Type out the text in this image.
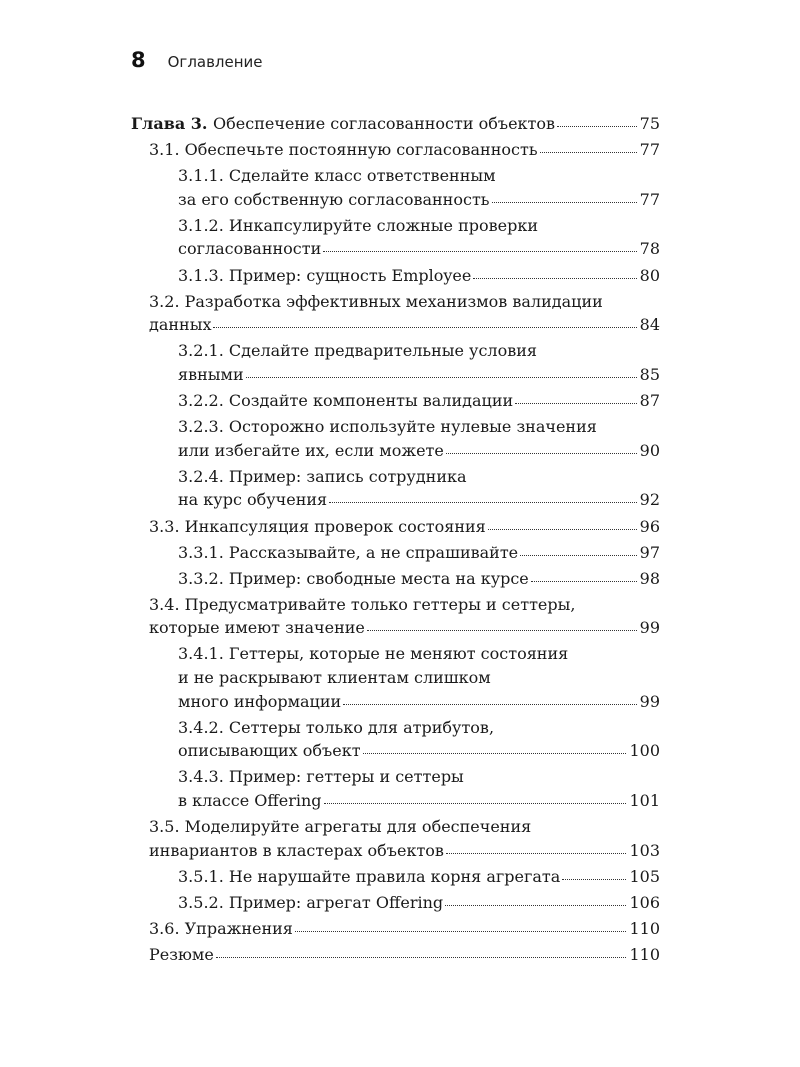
8 Оглавление
Глава 3. Обеспечение согласованности объектов	75
3.1. Обеспечьте постоянную согласованность	77
3.1.1. Сделайте класс ответственным
за его собственную согласованность	77
3.1.2. Инкапсулируйте сложные проверки
согласованности	78
3.1.3. Пример: сущность Employee	80
3.2. Разработка эффективных механизмов валидации
данных	84
3.2.1. Сделайте предварительные условия
явными	85
3.2.2. Создайте компоненты валидации	87
3.2.3. Осторожно используйте нулевые значения
или избегайте их, если можете	90
3.2.4. Пример: запись сотрудника
на курс обучения	92
3.3. Инкапсуляция проверок состояния	96
3.3.1. Рассказывайте, а не спрашивайте	97
3.3.2. Пример: свободные места на курсе	98
3.4. Предусматривайте только геттеры и сеттеры,
которые имеют значение	99
3.4.1. Геттеры, которые не меняют состояния
и не раскрывают клиентам слишком
много информации	99
3.4.2. Сеттеры только для атрибутов,
описывающих объект	100
3.4.3. Пример: геттеры и сеттеры
в классе Offering	101
3.5. Моделируйте агрегаты для обеспечения
инвариантов в кластерах объектов	103
3.5.1. Не нарушайте правила корня агрегата	105
3.5.2. Пример: агрегат Offering	106
3.6. Упражнения	110
Резюме	110
